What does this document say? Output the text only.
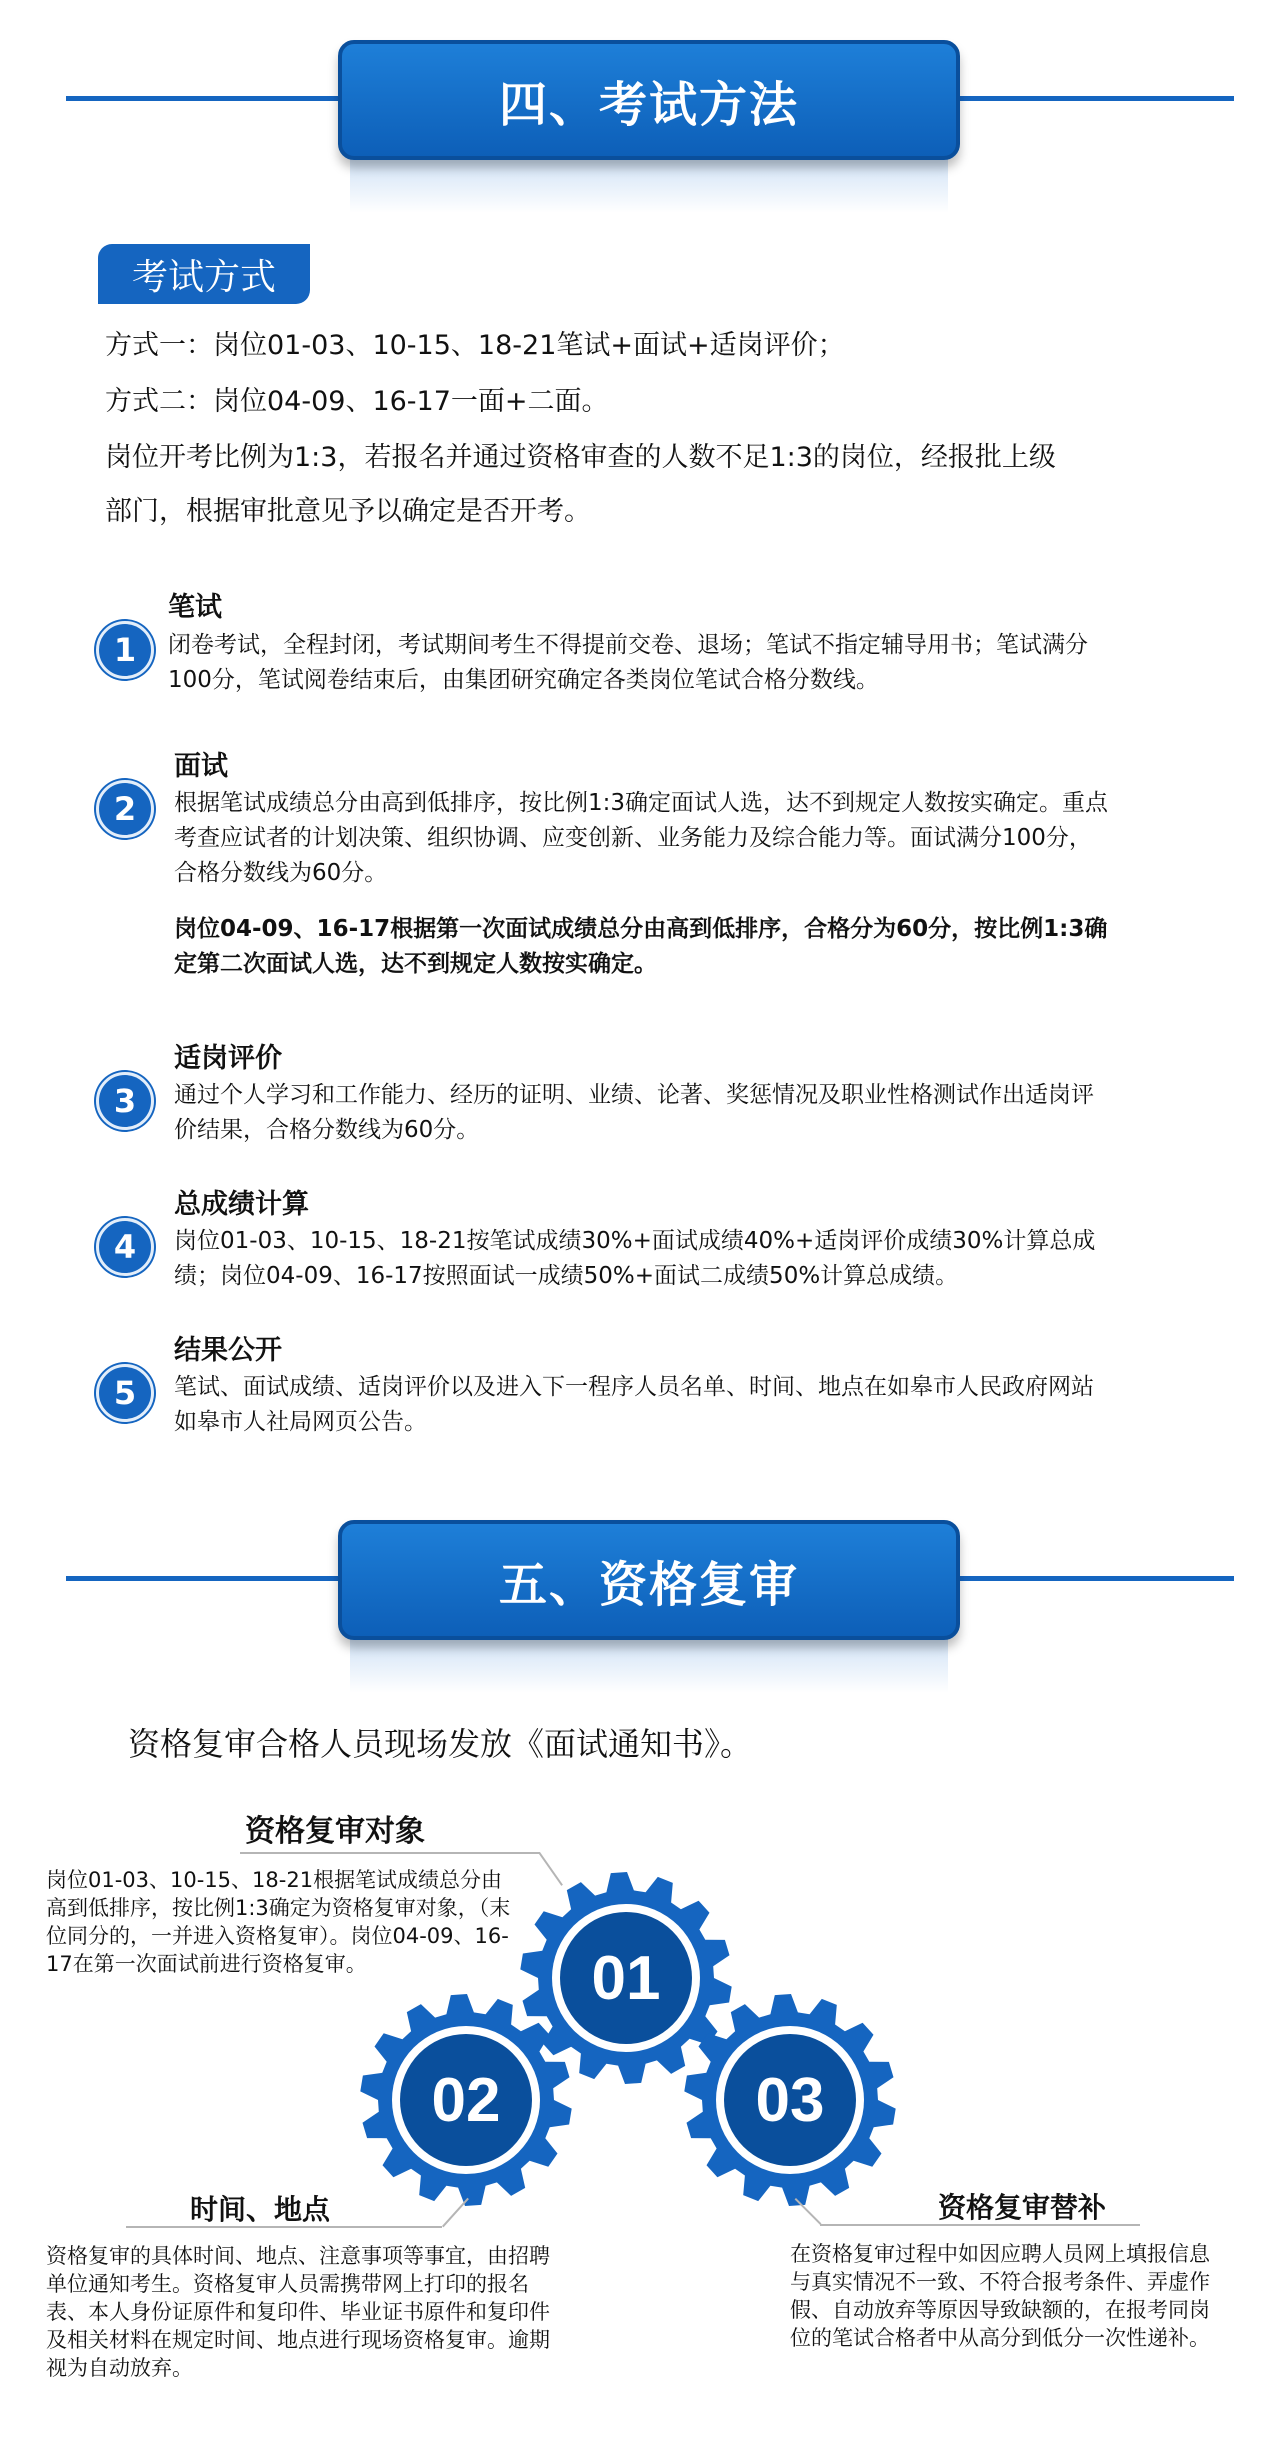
四、考试方法
考试方式
方式一：岗位01-03、10-15、18-21笔试+面试+适岗评价；
方式二：岗位04-09、16-17一面+二面。
岗位开考比例为1:3，若报名并通过资格审查的人数不足1:3的岗位，经报批上级
部门，根据审批意见予以确定是否开考。
1
笔试
闭卷考试，全程封闭，考试期间考生不得提前交卷、退场；笔试不指定辅导用书；笔试满分100分，笔试阅卷结束后，由集团研究确定各类岗位笔试合格分数线。
2
面试
根据笔试成绩总分由高到低排序，按比例1:3确定面试人选，达不到规定人数按实确定。重点考查应试者的计划决策、组织协调、应变创新、业务能力及综合能力等。面试满分100分，合格分数线为60分。
岗位04-09、16-17根据第一次面试成绩总分由高到低排序，合格分为60分，按比例1:3确定第二次面试人选，达不到规定人数按实确定。
3
适岗评价
通过个人学习和工作能力、经历的证明、业绩、论著、奖惩情况及职业性格测试作出适岗评价结果，合格分数线为60分。
4
总成绩计算
岗位01-03、10-15、18-21按笔试成绩30%+面试成绩40%+适岗评价成绩30%计算总成绩；岗位04-09、16-17按照面试一成绩50%+面试二成绩50%计算总成绩。
5
结果公开
笔试、面试成绩、适岗评价以及进入下一程序人员名单、时间、地点在如皋市人民政府网站如皋市人社局网页公告。
五、资格复审
资格复审合格人员现场发放《面试通知书》。
01
02	03
资格复审对象
岗位01-03、10-15、18-21根据笔试成绩总分由高到低排序，按比例1:3确定为资格复审对象，（末位同分的，一并进入资格复审）。岗位04-09、16-17在第一次面试前进行资格复审。
时间、地点
资格复审的具体时间、地点、注意事项等事宜，由招聘单位通知考生。资格复审人员需携带网上打印的报名表、本人身份证原件和复印件、毕业证书原件和复印件及相关材料在规定时间、地点进行现场资格复审。逾期视为自动放弃。
资格复审替补
在资格复审过程中如因应聘人员网上填报信息与真实情况不一致、不符合报考条件、弄虚作假、自动放弃等原因导致缺额的，在报考同岗位的笔试合格者中从高分到低分一次性递补。
